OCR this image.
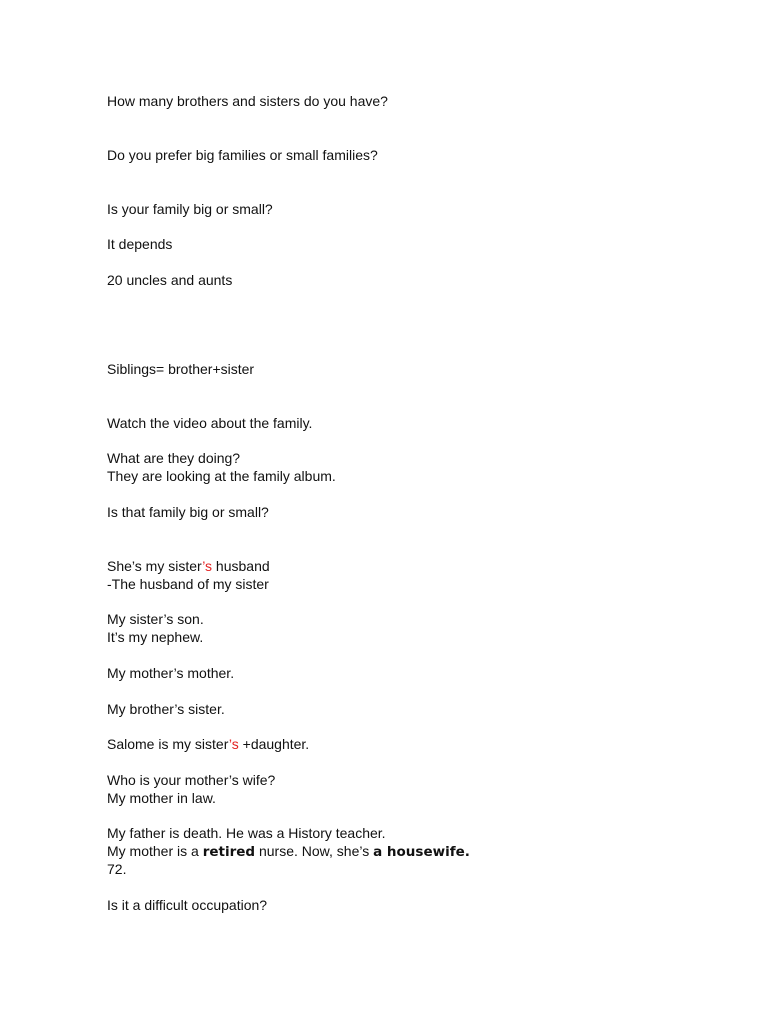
How many brothers and sisters do you have?
Do you prefer big families or small families?
Is your family big or small?
It depends
20 uncles and aunts
Siblings= brother+sister
Watch the video about the family.
What are they doing?
They are looking at the family album.
Is that family big or small?
She’s my sister’s husband
-The husband of my sister
My sister’s son.
It’s my nephew.
My mother’s mother.
My brother’s sister.
Salome is my sister’s +daughter.
Who is your mother’s wife?
My mother in law.
My father is death. He was a History teacher.
My mother is a retired nurse. Now, she’s a housewife.
72.
Is it a difficult occupation?
